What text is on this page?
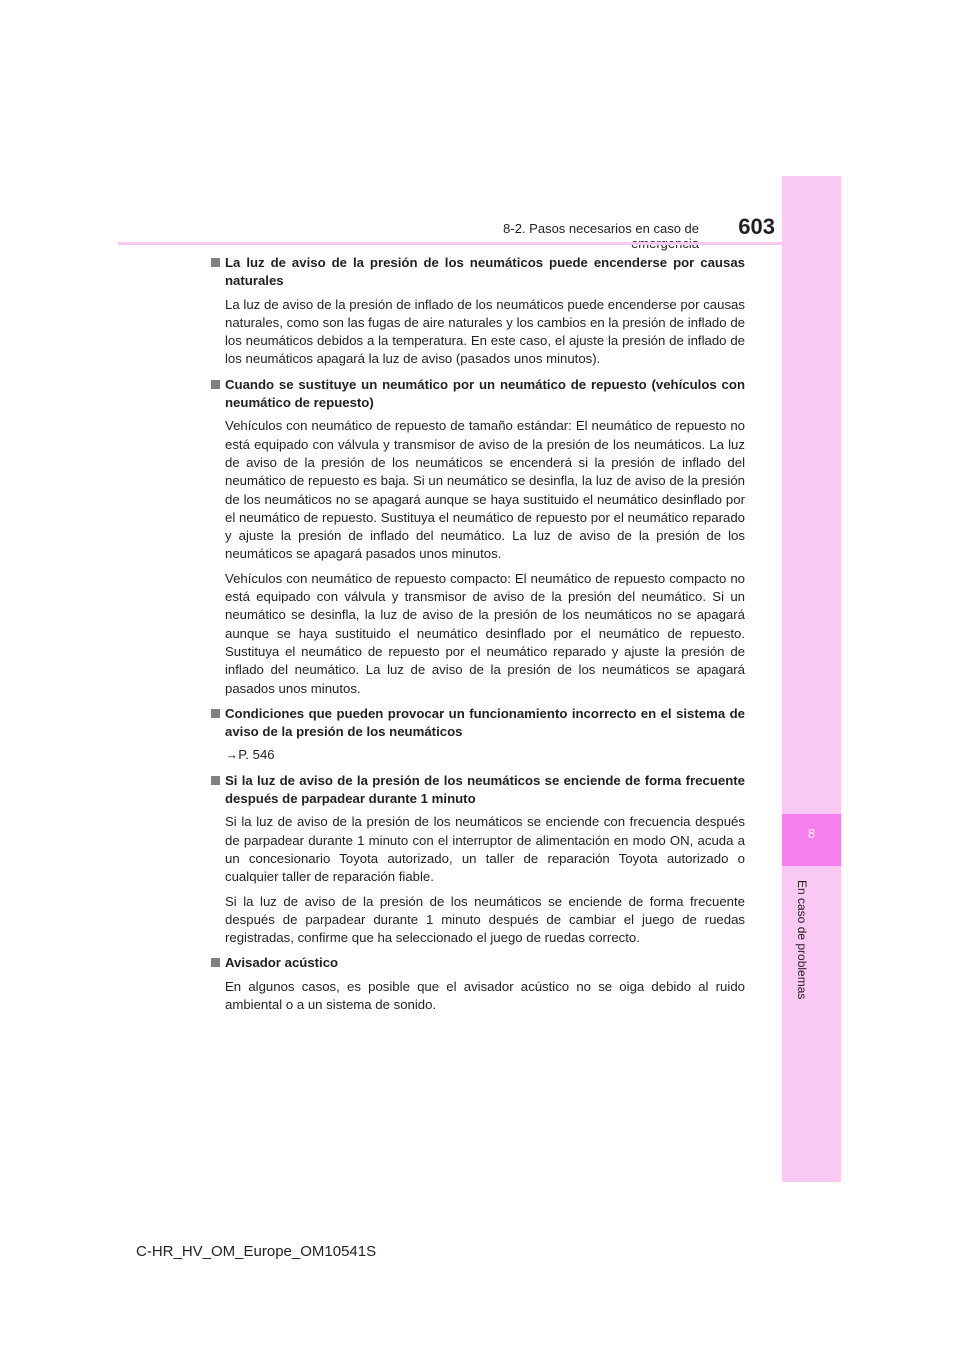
8
En caso de problemas
8-2. Pasos necesarios en caso de	603
La luz de aviso de la presión de los neumáticos puede encenderse por causas naturales
La luz de aviso de la presión de inflado de los neumáticos puede encenderse por causas naturales, como son las fugas de aire naturales y los cambios en la presión de inflado de los neumáticos debidos a la temperatura. En este caso, el ajuste la presión de inflado de los neumáticos apagará la luz de aviso (pasados unos minutos).
Cuando se sustituye un neumático por un neumático de repuesto (vehículos con neumático de repuesto)
Vehículos con neumático de repuesto de tamaño estándar: El neumático de repuesto no está equipado con válvula y transmisor de aviso de la presión de los neumáticos. La luz de aviso de la presión de los neumáticos se encenderá si la presión de inflado del neumático de repuesto es baja. Si un neumático se desinfla, la luz de aviso de la presión de los neumáticos no se apagará aunque se haya sustituido el neumático desinflado por el neumático de repuesto. Sustituya el neumático de repuesto por el neumático reparado y ajuste la presión de inflado del neumático. La luz de aviso de la presión de los neumáticos se apagará pasados unos minutos.
Vehículos con neumático de repuesto compacto: El neumático de repuesto compacto no está equipado con válvula y transmisor de aviso de la presión del neumático. Si un neumático se desinfla, la luz de aviso de la presión de los neumáticos no se apagará aunque se haya sustituido el neumático desinflado por el neumático de repuesto. Sustituya el neumático de repuesto por el neumático reparado y ajuste la presión de inflado del neumático. La luz de aviso de la presión de los neumáticos se apagará pasados unos minutos.
Condiciones que pueden provocar un funcionamiento incorrecto en el sistema de aviso de la presión de los neumáticos
→P. 546
Si la luz de aviso de la presión de los neumáticos se enciende de forma frecuente después de parpadear durante 1 minuto
Si la luz de aviso de la presión de los neumáticos se enciende con frecuencia después de parpadear durante 1 minuto con el interruptor de alimentación en modo ON, acuda a un concesionario Toyota autorizado, un taller de reparación Toyota autorizado o cualquier taller de reparación fiable.
Si la luz de aviso de la presión de los neumáticos se enciende de forma frecuente después de parpadear durante 1 minuto después de cambiar el juego de ruedas registradas, confirme que ha seleccionado el juego de ruedas correcto.
Avisador acústico
En algunos casos, es posible que el avisador acústico no se oiga debido al ruido ambiental o a un sistema de sonido.
C-HR_HV_OM_Europe_OM10541S
